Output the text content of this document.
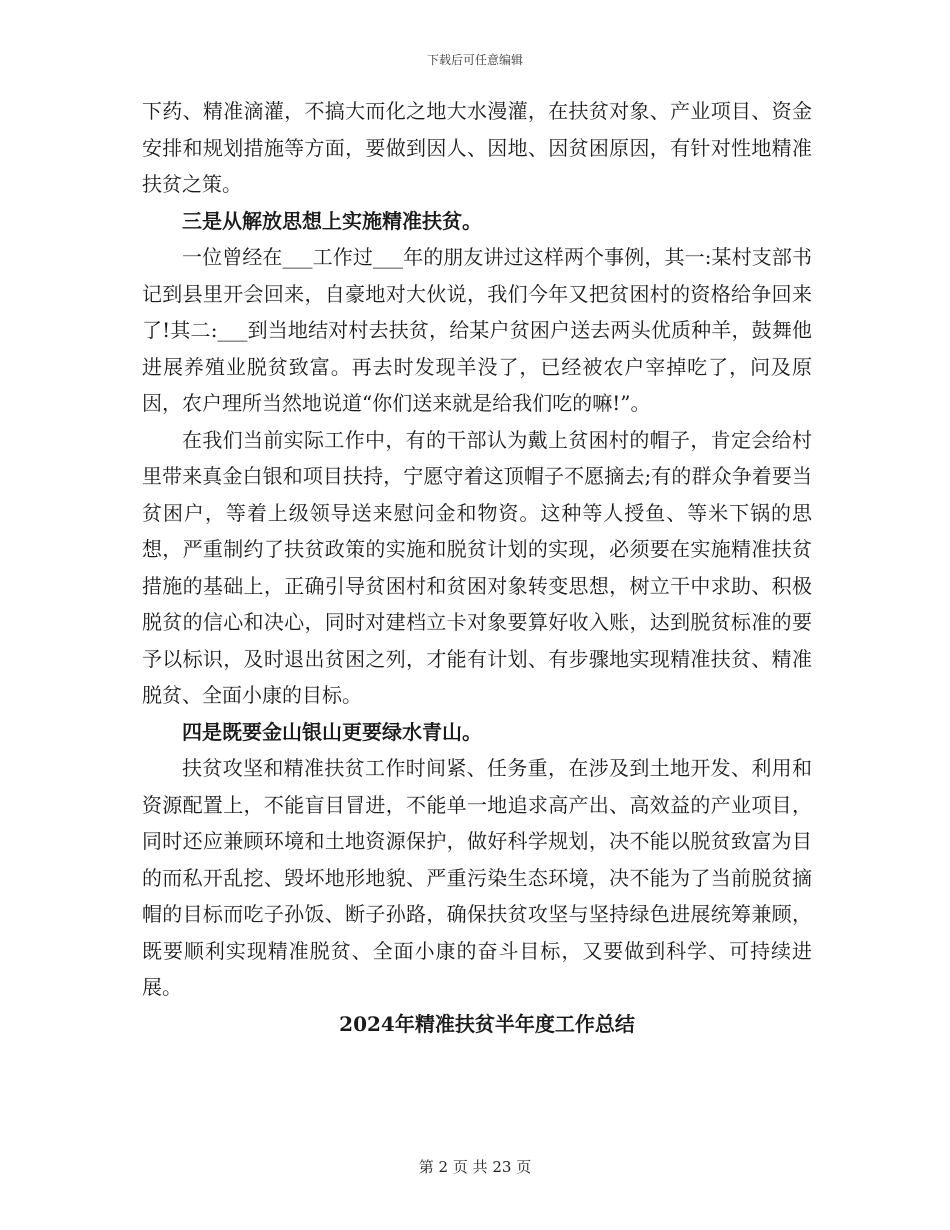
下载后可任意编辑

下药、精准滴灌，不搞大而化之地大水漫灌，在扶贫对象、产业项目、资金安排和规划措施等方面，要做到因人、因地、因贫困原因，有针对性地精准扶贫之策。

三是从解放思想上实施精准扶贫。

一位曾经在___工作过___年的朋友讲过这样两个事例，其一:某村支部书记到县里开会回来，自豪地对大伙说，我们今年又把贫困村的资格给争回来了!其二:___到当地结对村去扶贫，给某户贫困户送去两头优质种羊，鼓舞他进展养殖业脱贫致富。再去时发现羊没了，已经被农户宰掉吃了，问及原因，农户理所当然地说道“你们送来就是给我们吃的嘛!”。

在我们当前实际工作中，有的干部认为戴上贫困村的帽子，肯定会给村里带来真金白银和项目扶持，宁愿守着这顶帽子不愿摘去;有的群众争着要当贫困户，等着上级领导送来慰问金和物资。这种等人授鱼、等米下锅的思想，严重制约了扶贫政策的实施和脱贫计划的实现，必须要在实施精准扶贫措施的基础上，正确引导贫困村和贫困对象转变思想，树立干中求助、积极脱贫的信心和决心，同时对建档立卡对象要算好收入账，达到脱贫标准的要予以标识，及时退出贫困之列，才能有计划、有步骤地实现精准扶贫、精准脱贫、全面小康的目标。

四是既要金山银山更要绿水青山。

扶贫攻坚和精准扶贫工作时间紧、任务重，在涉及到土地开发、利用和资源配置上，不能盲目冒进，不能单一地追求高产出、高效益的产业项目，同时还应兼顾环境和土地资源保护，做好科学规划，决不能以脱贫致富为目的而私开乱挖、毁坏地形地貌、严重污染生态环境，决不能为了当前脱贫摘帽的目标而吃子孙饭、断子孙路，确保扶贫攻坚与坚持绿色进展统筹兼顾，既要顺利实现精准脱贫、全面小康的奋斗目标，又要做到科学、可持续进展。

2024年精准扶贫半年度工作总结

第 2 页 共 23 页
